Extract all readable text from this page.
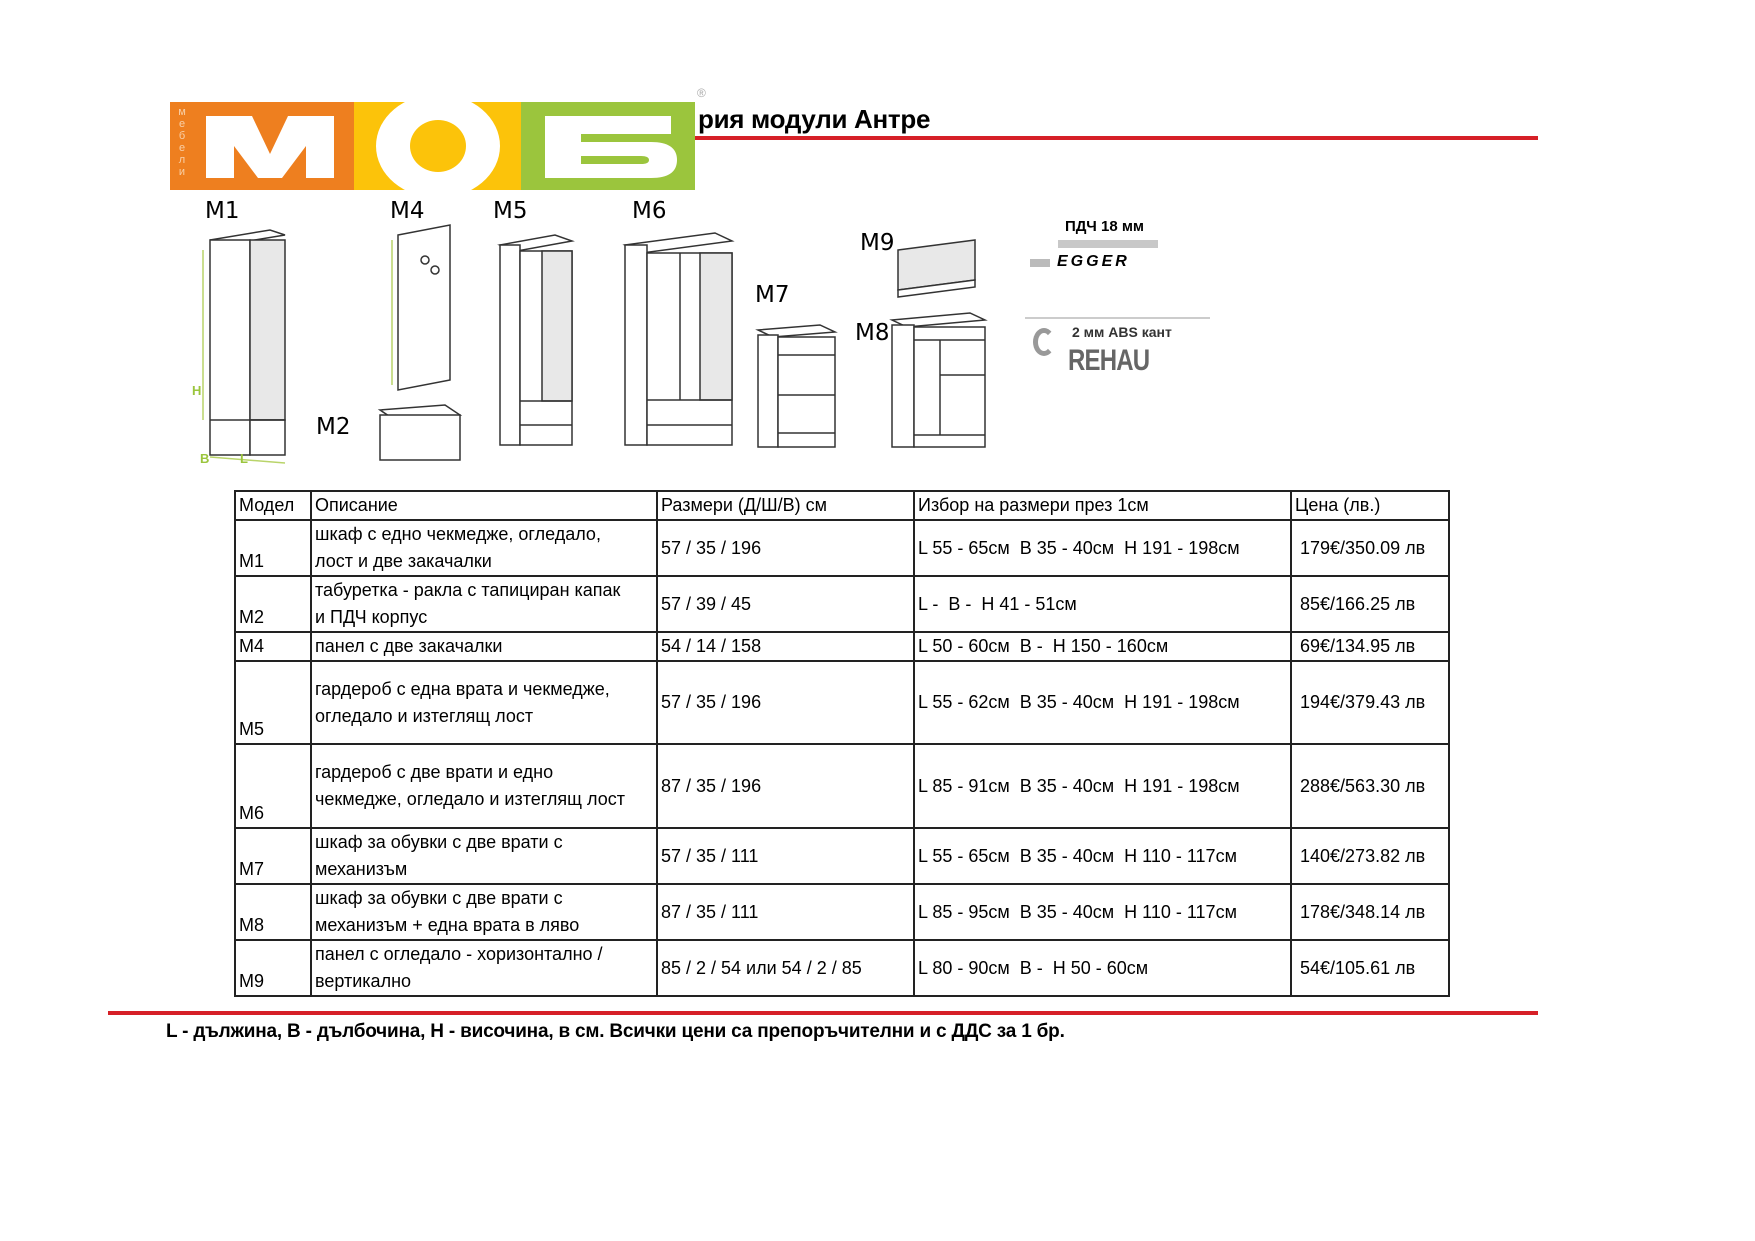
м
е
б
е
л
и
®
рия модули Антре
H
B L
M1	M4	M5	M6
M9
M7
M8
M2
ПДЧ 18 мм
EGGER
2 мм ABS кант
REHAU
Модел	Описание	Размери (Д/Ш/В) см	Избор на размери през 1см	Цена (лв.)
M1	шкаф с едно чекмедже, огледало,
лост и две закачалки	57 / 35 / 196	L 55 - 65см  B 35 - 40см  H 191 - 198см	179€/350.09 лв
M2	табуретка - ракла с тапициран капак
и ПДЧ корпус	57 / 39 / 45	L -  B -  H 41 - 51см	85€/166.25 лв
M4	панел с две закачалки	54 / 14 / 158	L 50 - 60см  B -  H 150 - 160см	69€/134.95 лв
M5	гардероб с една врата и чекмедже,
огледало и изтеглящ лост	57 / 35 / 196	L 55 - 62см  B 35 - 40см  H 191 - 198см	194€/379.43 лв
M6	гардероб с две врати и едно
чекмедже, огледало и изтеглящ лост	87 / 35 / 196	L 85 - 91см  B 35 - 40см  H 191 - 198см	288€/563.30 лв
M7	шкаф за обувки с две врати с
механизъм	57 / 35 / 111	L 55 - 65см  B 35 - 40см  H 110 - 117см	140€/273.82 лв
M8	шкаф за обувки с две врати с
механизъм + една врата в ляво	87 / 35 / 111	L 85 - 95см  B 35 - 40см  H 110 - 117см	178€/348.14 лв
M9	панел с огледало - хоризонтално /
вертикално	85 / 2 / 54 или 54 / 2 / 85	L 80 - 90см  B -  H 50 - 60см	54€/105.61 лв
L - дължина, B - дълбочина, H - височина, в см. Всички цени са препоръчителни и с ДДС за 1 бр.
